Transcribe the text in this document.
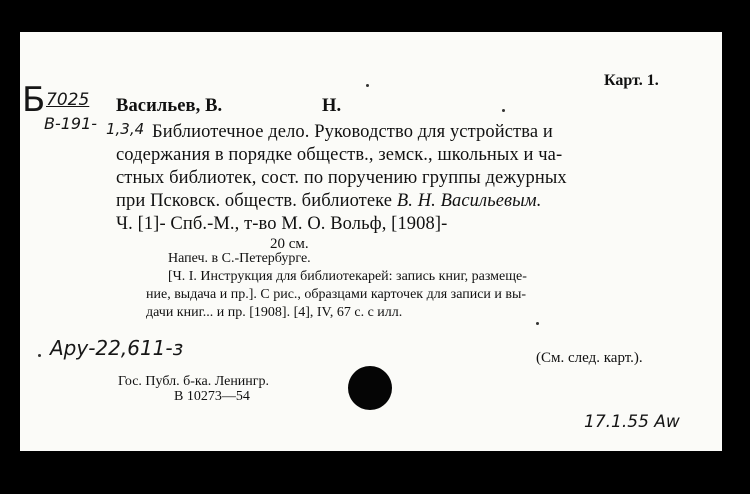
Б 7025
В-191- 1,3,4
Карт. 1.
Васильев, В.	Н.
Библиотечное дело. Руководство для устройства и
содержания в порядке обществ., земск., школьных и ча-
стных библиотек, сост. по поручению группы дежурных
при Псковск. обществ. библиотеке В. Н. Васильевым.
Ч. [1]- Спб.-М., т-во М. О. Вольф, [1908]-
20 см.
Напеч. в С.-Петербурге.
[Ч. I. Инструкция для библиотекарей: запись книг, размеще-
ние, выдача и пр.]. С рис., образцами карточек для записи и вы-
дачи книг... и пр. [1908]. [4], IV, 67 с. с илл.
Ару-22,611-з	(См. след. карт.).
Гос. Публ. б-ка. Ленингр.
В 10273—54
17.1.55 Aw
